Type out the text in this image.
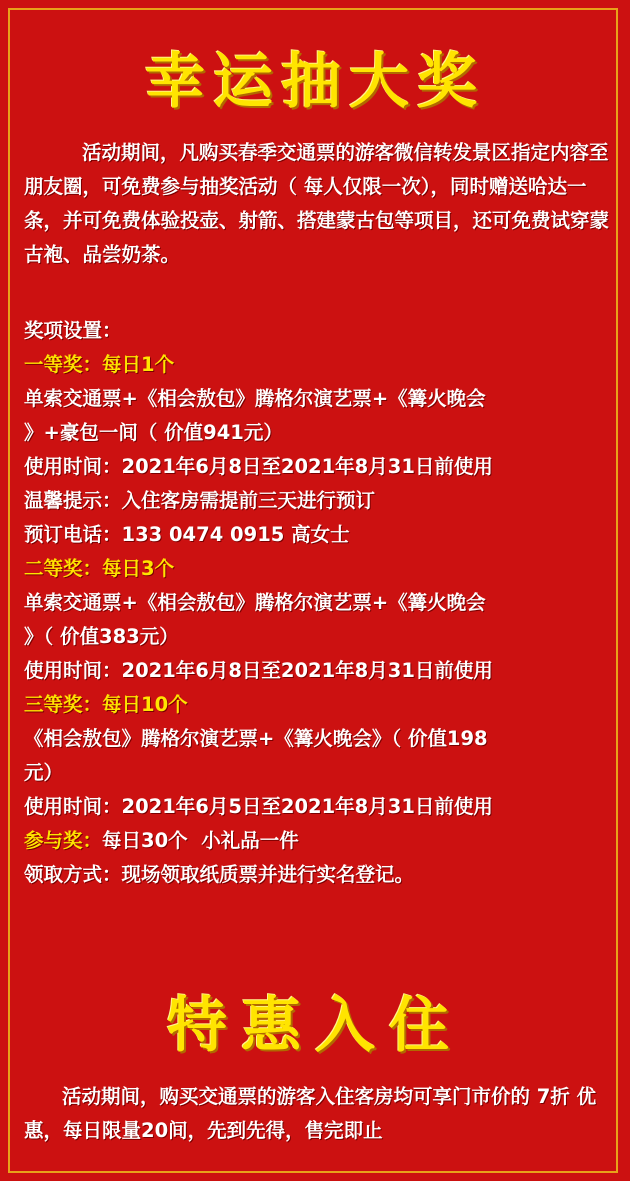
幸运抽大奖
活动期间，凡购买春季交通票的游客微信转发景区指定内容至朋友圈，可免费参与抽奖活动（ 每人仅限一次），同时赠送哈达一条，并可免费体验投壶、射箭、搭建蒙古包等项目，还可免费试穿蒙古袍、品尝奶茶。
奖项设置：
一等奖：每日1个
单索交通票+《相会敖包》腾格尔演艺票+《篝火晚会
》+豪包一间（ 价值941元）
使用时间：2021年6月8日至2021年8月31日前使用
温馨提示：入住客房需提前三天进行预订
预订电话：133 0474 0915 高女士
二等奖：每日3个
单索交通票+《相会敖包》腾格尔演艺票+《篝火晚会
》（ 价值383元）
使用时间：2021年6月8日至2021年8月31日前使用
三等奖：每日10个
《相会敖包》腾格尔演艺票+《篝火晚会》（ 价值198
元）
使用时间：2021年6月5日至2021年8月31日前使用
参与奖：每日30个  小礼品一件
领取方式：现场领取纸质票并进行实名登记。
特惠入住
活动期间，购买交通票的游客入住客房均可享门市价的 7折 优惠，每日限量20间，先到先得，售完即止
